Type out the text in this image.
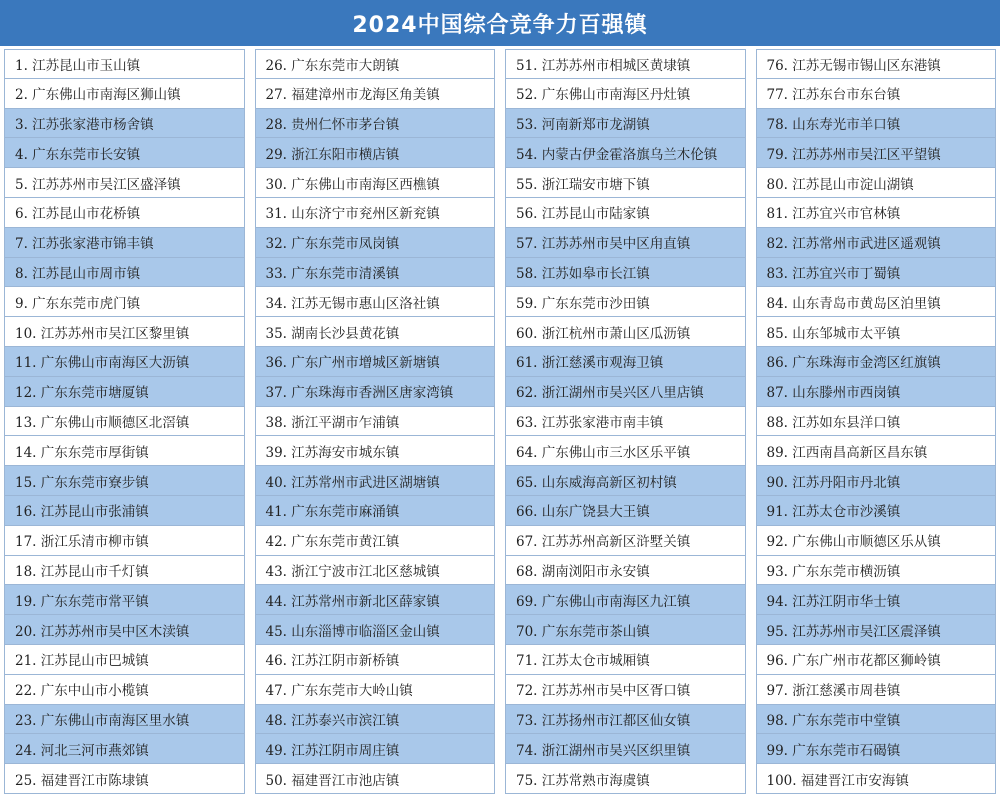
2024中国综合竞争力百强镇
1. 江苏昆山市玉山镇
2. 广东佛山市南海区狮山镇
3. 江苏张家港市杨舍镇
4. 广东东莞市长安镇
5. 江苏苏州市吴江区盛泽镇
6. 江苏昆山市花桥镇
7. 江苏张家港市锦丰镇
8. 江苏昆山市周市镇
9. 广东东莞市虎门镇
10. 江苏苏州市吴江区黎里镇
11. 广东佛山市南海区大沥镇
12. 广东东莞市塘厦镇
13. 广东佛山市顺德区北滘镇
14. 广东东莞市厚街镇
15. 广东东莞市寮步镇
16. 江苏昆山市张浦镇
17. 浙江乐清市柳市镇
18. 江苏昆山市千灯镇
19. 广东东莞市常平镇
20. 江苏苏州市吴中区木渎镇
21. 江苏昆山市巴城镇
22. 广东中山市小榄镇
23. 广东佛山市南海区里水镇
24. 河北三河市燕郊镇
25. 福建晋江市陈埭镇
26. 广东东莞市大朗镇
27. 福建漳州市龙海区角美镇
28. 贵州仁怀市茅台镇
29. 浙江东阳市横店镇
30. 广东佛山市南海区西樵镇
31. 山东济宁市兖州区新兖镇
32. 广东东莞市凤岗镇
33. 广东东莞市清溪镇
34. 江苏无锡市惠山区洛社镇
35. 湖南长沙县黄花镇
36. 广东广州市增城区新塘镇
37. 广东珠海市香洲区唐家湾镇
38. 浙江平湖市乍浦镇
39. 江苏海安市城东镇
40. 江苏常州市武进区湖塘镇
41. 广东东莞市麻涌镇
42. 广东东莞市黄江镇
43. 浙江宁波市江北区慈城镇
44. 江苏常州市新北区薛家镇
45. 山东淄博市临淄区金山镇
46. 江苏江阴市新桥镇
47. 广东东莞市大岭山镇
48. 江苏泰兴市滨江镇
49. 江苏江阴市周庄镇
50. 福建晋江市池店镇
51. 江苏苏州市相城区黄埭镇
52. 广东佛山市南海区丹灶镇
53. 河南新郑市龙湖镇
54. 内蒙古伊金霍洛旗乌兰木伦镇
55. 浙江瑞安市塘下镇
56. 江苏昆山市陆家镇
57. 江苏苏州市吴中区甪直镇
58. 江苏如皋市长江镇
59. 广东东莞市沙田镇
60. 浙江杭州市萧山区瓜沥镇
61. 浙江慈溪市观海卫镇
62. 浙江湖州市吴兴区八里店镇
63. 江苏张家港市南丰镇
64. 广东佛山市三水区乐平镇
65. 山东威海高新区初村镇
66. 山东广饶县大王镇
67. 江苏苏州高新区浒墅关镇
68. 湖南浏阳市永安镇
69. 广东佛山市南海区九江镇
70. 广东东莞市茶山镇
71. 江苏太仓市城厢镇
72. 江苏苏州市吴中区胥口镇
73. 江苏扬州市江都区仙女镇
74. 浙江湖州市吴兴区织里镇
75. 江苏常熟市海虞镇
76. 江苏无锡市锡山区东港镇
77. 江苏东台市东台镇
78. 山东寿光市羊口镇
79. 江苏苏州市吴江区平望镇
80. 江苏昆山市淀山湖镇
81. 江苏宜兴市官林镇
82. 江苏常州市武进区遥观镇
83. 江苏宜兴市丁蜀镇
84. 山东青岛市黄岛区泊里镇
85. 山东邹城市太平镇
86. 广东珠海市金湾区红旗镇
87. 山东滕州市西岗镇
88. 江苏如东县洋口镇
89. 江西南昌高新区昌东镇
90. 江苏丹阳市丹北镇
91. 江苏太仓市沙溪镇
92. 广东佛山市顺德区乐从镇
93. 广东东莞市横沥镇
94. 江苏江阴市华士镇
95. 江苏苏州市吴江区震泽镇
96. 广东广州市花都区狮岭镇
97. 浙江慈溪市周巷镇
98. 广东东莞市中堂镇
99. 广东东莞市石碣镇
100. 福建晋江市安海镇
